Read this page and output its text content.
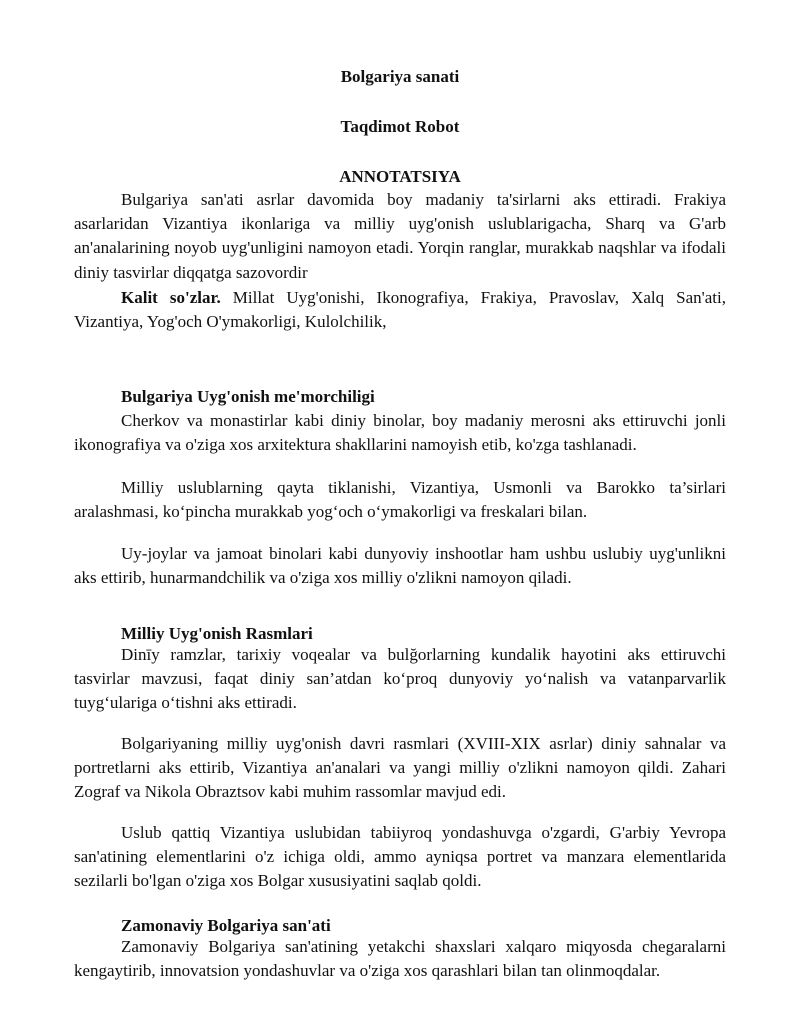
Bolgariya sanati
Taqdimot Robot
ANNOTATSIYA

Bulgariya san'ati asrlar davomida boy madaniy ta'sirlarni aks ettiradi. Frakiya asarlaridan Vizantiya ikonlariga va milliy uyg'onish uslublarigacha, Sharq va G'arb an'analarining noyob uyg'unligini namoyon etadi. Yorqin ranglar, murakkab naqshlar va ifodali diniy tasvirlar diqqatga sazovordir

Kalit so'zlar. Millat Uyg'onishi, Ikonografiya, Frakiya, Pravoslav, Xalq San'ati, Vizantiya, Yog'och O'ymakorligi, Kulolchilik,

Bulgariya Uyg'onish me'morchiligi

Cherkov va monastirlar kabi diniy binolar, boy madaniy merosni aks ettiruvchi jonli ikonografiya va o'ziga xos arxitektura shakllarini namoyish etib, ko'zga tashlanadi.

Milliy uslublarning qayta tiklanishi, Vizantiya, Usmonli va Barokko ta’sirlari aralashmasi, ko‘pincha murakkab yog‘och o‘ymakorligi va freskalari bilan.

Uy-joylar va jamoat binolari kabi dunyoviy inshootlar ham ushbu uslubiy uyg'unlikni aks ettirib, hunarmandchilik va o'ziga xos milliy o'zlikni namoyon qiladi.

Milliy Uyg'onish Rasmlari

Dinīy ramzlar, tarixiy voqealar va bulğorlarning kundalik hayotini aks ettiruvchi tasvirlar mavzusi, faqat diniy san’atdan ko‘proq dunyoviy yo‘nalish va vatanparvarlik tuyg‘ulariga o‘tishni aks ettiradi.

Bolgariyaning milliy uyg'onish davri rasmlari (XVIII-XIX asrlar) diniy sahnalar va portretlarni aks ettirib, Vizantiya an'analari va yangi milliy o'zlikni namoyon qildi. Zahari Zograf va Nikola Obraztsov kabi muhim rassomlar mavjud edi.

Uslub qattiq Vizantiya uslubidan tabiiyroq yondashuvga o'zgardi, G'arbiy Yevropa san'atining elementlarini o'z ichiga oldi, ammo ayniqsa portret va manzara elementlarida sezilarli bo'lgan o'ziga xos Bolgar xususiyatini saqlab qoldi.

Zamonaviy Bolgariya san'ati

Zamonaviy Bolgariya san'atining yetakchi shaxslari xalqaro miqyosda chegaralarni kengaytirib, innovatsion yondashuvlar va o'ziga xos qarashlari bilan tan olinmoqdalar.
